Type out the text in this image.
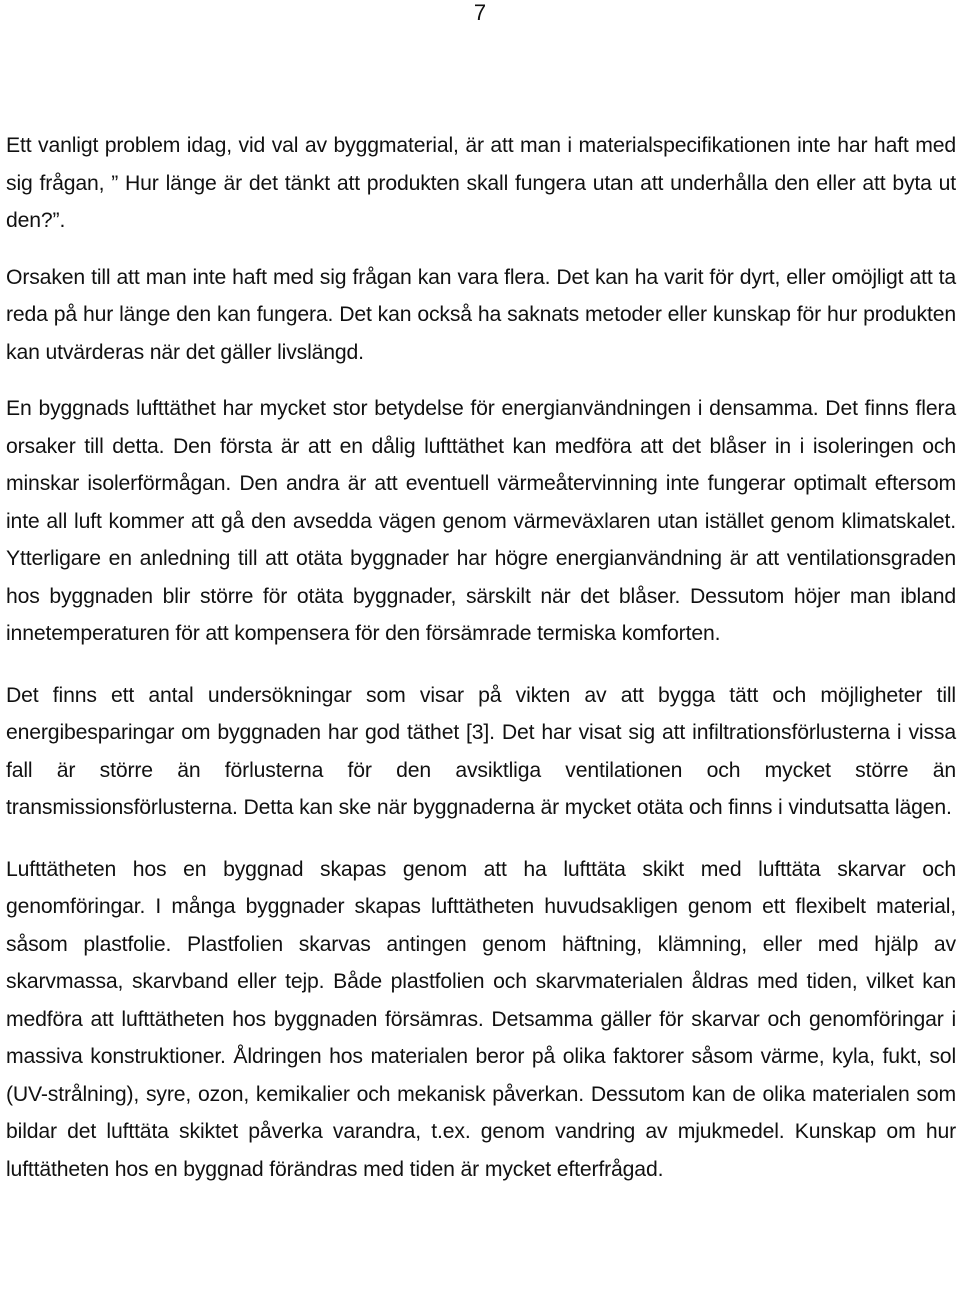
7

Ett vanligt problem idag, vid val av byggmaterial, är att man i materialspecifikationen inte har haft med sig frågan, ” Hur länge är det tänkt att produkten skall fungera utan att underhålla den eller att byta ut den?”.

Orsaken till att man inte haft med sig frågan kan vara flera. Det kan ha varit för dyrt, eller omöjligt att ta reda på hur länge den kan fungera. Det kan också ha saknats metoder eller kunskap för hur produkten kan utvärderas när det gäller livslängd.

En byggnads lufttäthet har mycket stor betydelse för energianvändningen i densamma. Det finns flera orsaker till detta. Den första är att en dålig lufttäthet kan medföra att det blåser in i isoleringen och minskar isolerförmågan. Den andra är att eventuell värmeåtervinning inte fungerar optimalt eftersom inte all luft kommer att gå den avsedda vägen genom värmeväxlaren utan istället genom klimatskalet. Ytterligare en anledning till att otäta byggnader har högre energianvändning är att ventilationsgraden hos byggnaden blir större för otäta byggnader, särskilt när det blåser. Dessutom höjer man ibland innetemperaturen för att kompensera för den försämrade termiska komforten.

Det finns ett antal undersökningar som visar på vikten av att bygga tätt och möjligheter till energibesparingar om byggnaden har god täthet [3]. Det har visat sig att infiltrationsförlusterna i vissa fall är större än förlusterna för den avsiktliga ventilationen och mycket större än transmissionsförlusterna. Detta kan ske när byggnaderna är mycket otäta och finns i vindutsatta lägen.

Lufttätheten hos en byggnad skapas genom att ha lufttäta skikt med lufttäta skarvar och genomföringar. I många byggnader skapas lufttätheten huvudsakligen genom ett flexibelt material, såsom plastfolie. Plastfolien skarvas antingen genom häftning, klämning, eller med hjälp av skarvmassa, skarvband eller tejp. Både plastfolien och skarvmaterialen åldras med tiden, vilket kan medföra att lufttätheten hos byggnaden försämras. Detsamma gäller för skarvar och genomföringar i massiva konstruktioner. Åldringen hos materialen beror på olika faktorer såsom värme, kyla, fukt, sol (UV-strålning), syre, ozon, kemikalier och mekanisk påverkan. Dessutom kan de olika materialen som bildar det lufttäta skiktet påverka varandra, t.ex. genom vandring av mjukmedel. Kunskap om hur lufttätheten hos en byggnad förändras med tiden är mycket efterfrågad.
